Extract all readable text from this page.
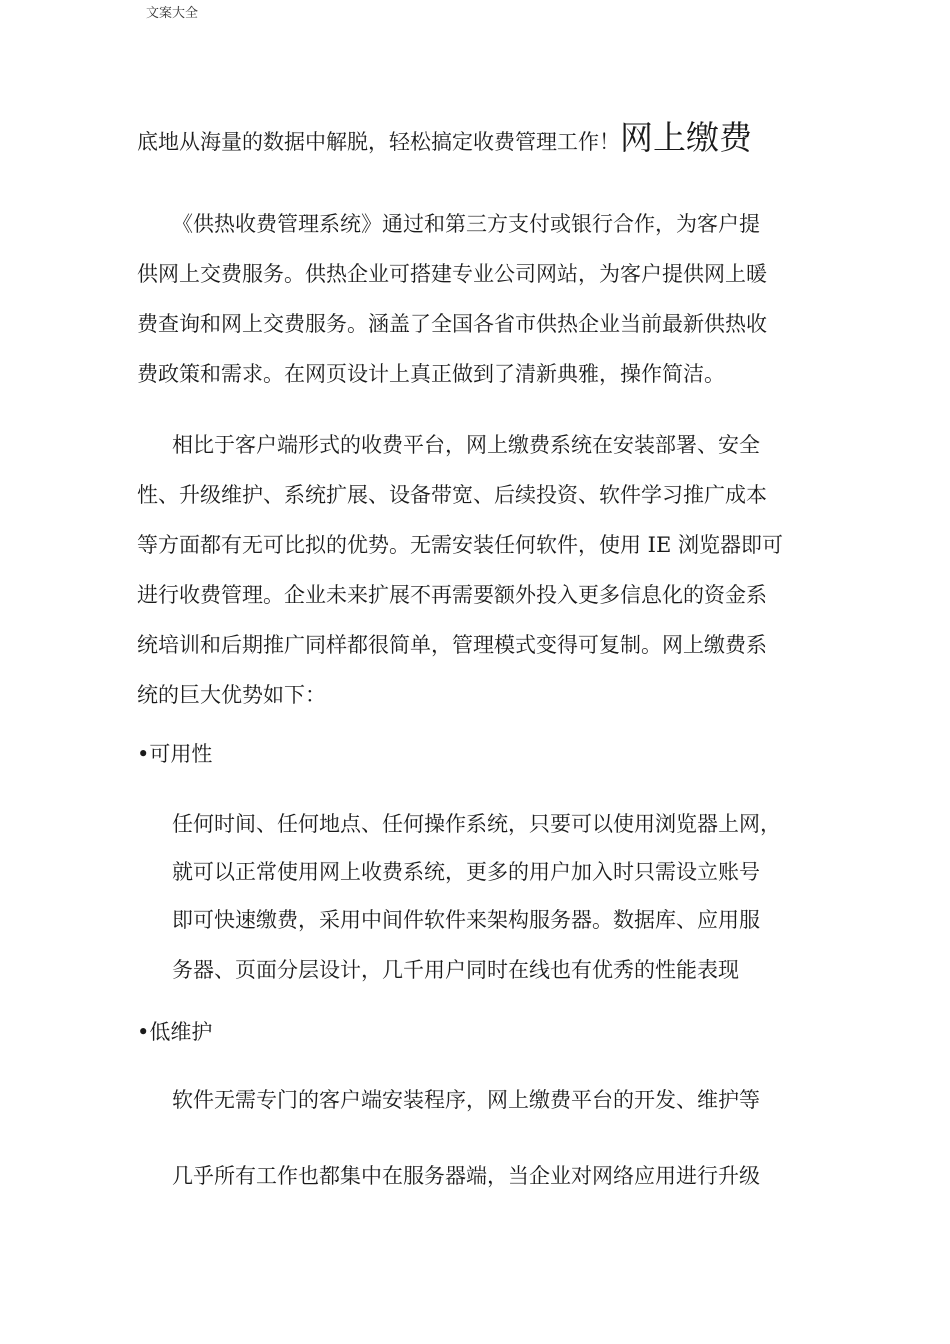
文案大全
底地从海量的数据中解脱，轻松搞定收费管理工作！网上缴费
《供热收费管理系统》通过和第三方支付或银行合作，为客户提
供网上交费服务。供热企业可搭建专业公司网站，为客户提供网上暖
费查询和网上交费服务。涵盖了全国各省市供热企业当前最新供热收
费政策和需求。在网页设计上真正做到了清新典雅，操作简洁。
相比于客户端形式的收费平台，网上缴费系统在安装部署、安全
性、升级维护、系统扩展、设备带宽、后续投资、软件学习推广成本
等方面都有无可比拟的优势。无需安装任何软件，使用 IE 浏览器即可
进行收费管理。企业未来扩展不再需要额外投入更多信息化的资金系
统培训和后期推广同样都很简单，管理模式变得可复制。网上缴费系
统的巨大优势如下：
•可用性
任何时间、任何地点、任何操作系统，只要可以使用浏览器上网，
就可以正常使用网上收费系统，更多的用户加入时只需设立账号
即可快速缴费，采用中间件软件来架构服务器。数据库、应用服
务器、页面分层设计，几千用户同时在线也有优秀的性能表现
•低维护
软件无需专门的客户端安装程序，网上缴费平台的开发、维护等
几乎所有工作也都集中在服务器端，当企业对网络应用进行升级
